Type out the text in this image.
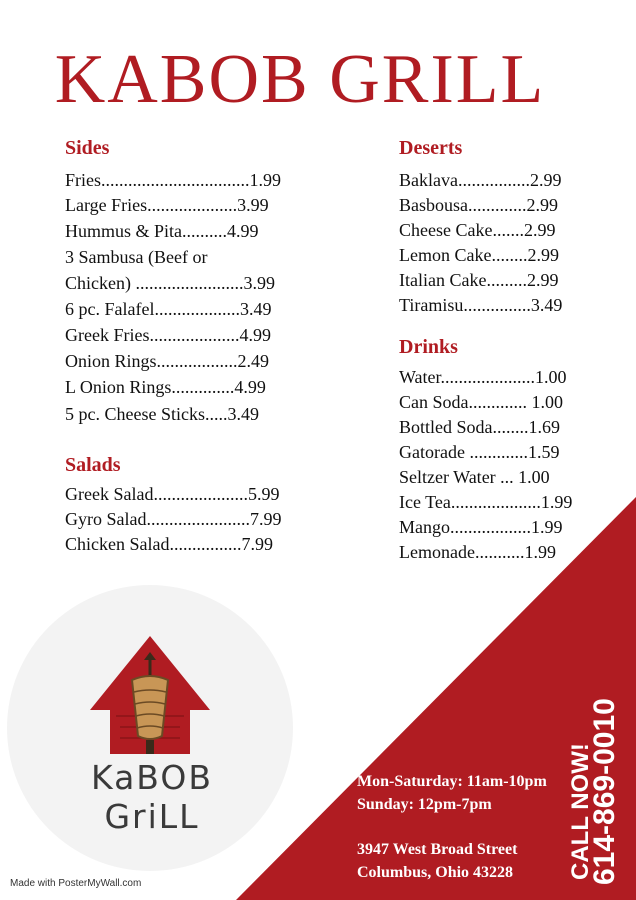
KaBOB GriLL
KABOB GRILL
Sides
Fries.................................1.99
Large Fries....................3.99
Hummus & Pita..........4.99
3 Sambusa (Beef or
Chicken) ........................3.99
6 pc. Falafel...................3.49
Greek Fries....................4.99
Onion Rings..................2.49
L Onion Rings..............4.99
5 pc. Cheese Sticks.....3.49
Salads
Greek Salad.....................5.99
Gyro Salad.......................7.99
Chicken Salad................7.99
Deserts
Baklava................2.99
Basbousa.............2.99
Cheese Cake.......2.99
Lemon Cake........2.99
Italian Cake.........2.99
Tiramisu...............3.49
Drinks
Water.....................1.00
Can Soda............. 1.00
Bottled Soda........1.69
Gatorade .............1.59
Seltzer Water ... 1.00
Ice Tea....................1.99
Mango..................1.99
Lemonade...........1.99
Mon-Saturday: 11am-10pm
Sunday: 12pm-7pm
3947 West Broad Street
Columbus, Ohio 43228 CALL NOW!
614-869-0010
Made with PosterMyWall.com
